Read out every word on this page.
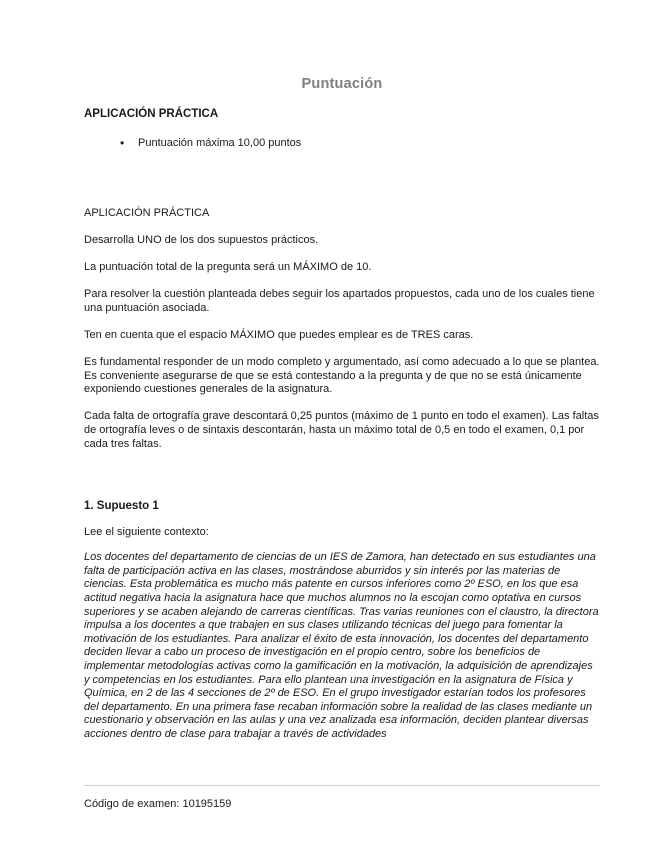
Puntuación
APLICACIÓN PRÁCTICA
• Puntuación máxima 10,00 puntos

APLICACIÓN PRÁCTICA

Desarrolla UNO de los dos supuestos prácticos.

La puntuación total de la pregunta será un MÁXIMO de 10.

Para resolver la cuestión planteada debes seguir los apartados propuestos, cada uno de los cuales tiene una puntuación asociada.

Ten en cuenta que el espacio MÁXIMO que puedes emplear es de TRES caras.

Es fundamental responder de un modo completo y argumentado, así como adecuado a lo que se plantea. Es conveniente asegurarse de que se está contestando a la pregunta y de que no se está únicamente exponiendo cuestiones generales de la asignatura.

Cada falta de ortografía grave descontará 0,25 puntos (máximo de 1 punto en todo el examen). Las faltas de ortografía leves o de sintaxis descontarán, hasta un máximo total de 0,5 en todo el examen, 0,1 por cada tres faltas.

1. Supuesto 1

Lee el siguiente contexto:

Los docentes del departamento de ciencias de un IES de Zamora, han detectado en sus estudiantes una falta de participación activa en las clases, mostrándose aburridos y sin interés por las materias de ciencias. Esta problemática es mucho más patente en cursos inferiores como 2º ESO, en los que esa actitud negativa hacia la asignatura hace que muchos alumnos no la escojan como optativa en cursos superiores y se acaben alejando de carreras científicas. Tras varias reuniones con el claustro, la directora impulsa a los docentes a que trabajen en sus clases utilizando técnicas del juego para fomentar la motivación de los estudiantes. Para analizar el éxito de esta innovación, los docentes del departamento deciden llevar a cabo un proceso de investigación en el propio centro, sobre los beneficios de implementar metodologías activas como la gamificación en la motivación, la adquisición de aprendizajes y competencias en los estudiantes. Para ello plantean una investigación en la asignatura de Física y Química, en 2 de las 4 secciones de 2º de ESO. En el grupo investigador estarían todos los profesores del departamento. En una primera fase recaban información sobre la realidad de las clases mediante un cuestionario y observación en las aulas y una vez analizada esa información, deciden plantear diversas acciones dentro de clase para trabajar a través de actividades

Código de examen: 10195159
